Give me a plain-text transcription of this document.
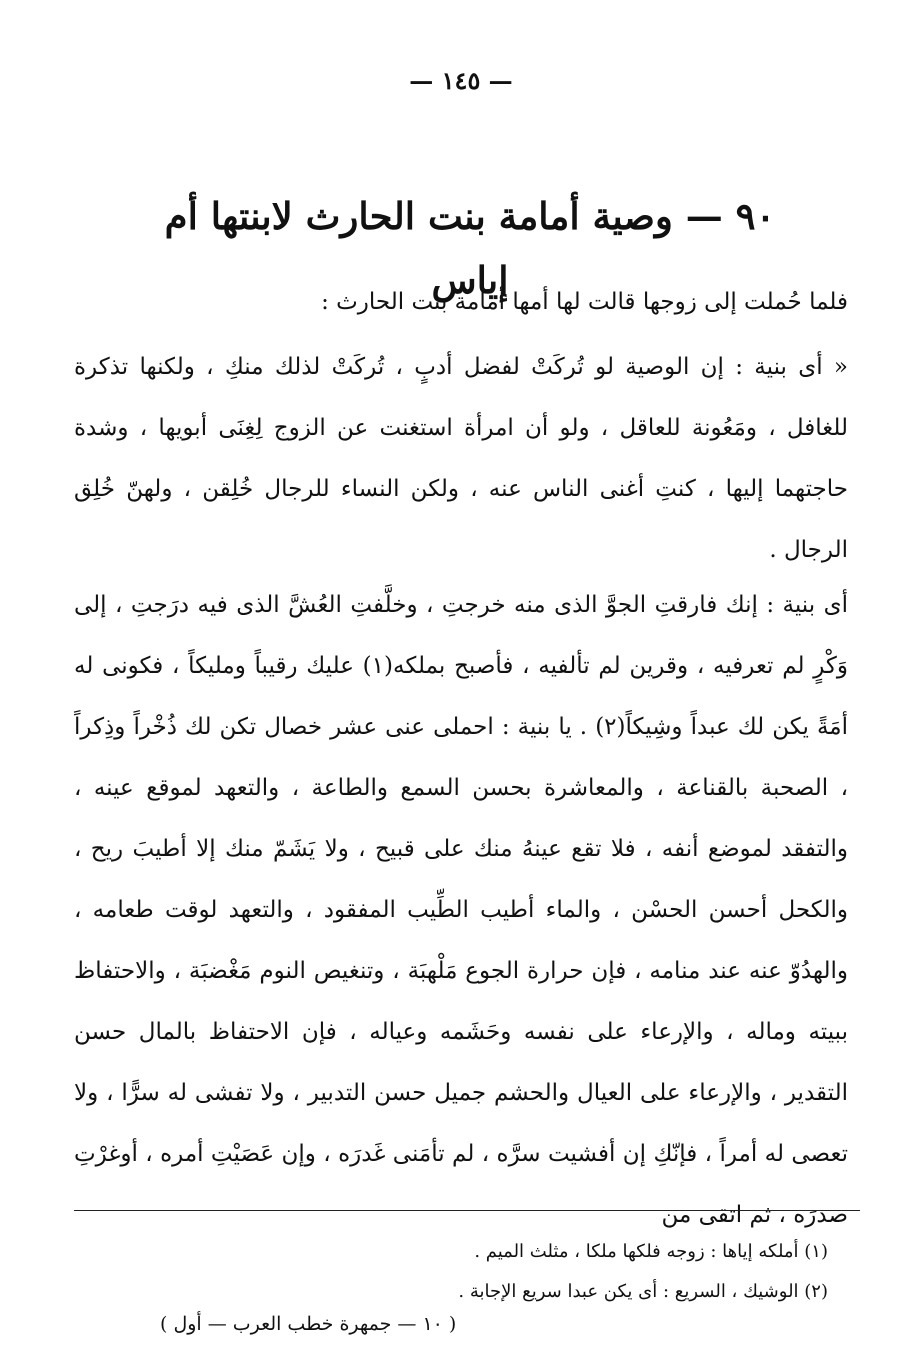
— ١٤٥ —
٩٠ — وصية أمامة بنت الحارث لابنتها أم إياس
فلما حُملت إلى زوجها قالت لها أمها أمامة بنت الحارث :
« أى بنية : إن الوصية لو تُركَتْ لفضل أدبٍ ، تُركَتْ لذلك منكِ ، ولكنها تذكرة للغافل ، ومَعُونة للعاقل ، ولو أن امرأة استغنت عن الزوج لِغِنَى أبويها ، وشدة حاجتهما إليها ، كنتِ أغنى الناس عنه ، ولكن النساء للرجال خُلِقن ، ولهنّ خُلِق الرجال .
أى بنية : إنك فارقتِ الجوَّ الذى منه خرجتِ ، وخلَّفتِ العُشَّ الذى فيه درَجتِ ، إلى وَكْرٍ لم تعرفيه ، وقرين لم تألفيه ، فأصبح بملكه(١) عليك رقيباً ومليكاً ، فكونى له أمَةً يكن لك عبداً وشِيكاً(٢) . يا بنية : احملى عنى عشر خصال تكن لك ذُخْراً وذِكراً ، الصحبة بالقناعة ، والمعاشرة بحسن السمع والطاعة ، والتعهد لموقع عينه ، والتفقد لموضع أنفه ، فلا تقع عينهُ منك على قبيح ، ولا يَشَمّ منك إلا أطيبَ ريح ، والكحل أحسن الحسْن ، والماء أطيب الطِّيب المفقود ، والتعهد لوقت طعامه ، والهدُوّ عنه عند منامه ، فإن حرارة الجوع مَلْهبَة ، وتنغيص النوم مَغْضبَة ، والاحتفاظ ببيته وماله ، والإرعاء على نفسه وحَشَمه وعياله ، فإن الاحتفاظ بالمال حسن التقدير ، والإرعاء على العيال والحشم جميل حسن التدبير ، ولا تفشى له سرًّا ، ولا تعصى له أمراً ، فإنّكِ إن أفشيت سرَّه ، لم تأمَنى غَدرَه ، وإن عَصَيْتِ أمره ، أوغرْتِ صدرَه ، ثم اتقى من
(١) أملكه إياها : زوجه فلكها ملكا ، مثلث الميم .
(٢) الوشيك ، السريع : أى يكن عبدا سريع الإجابة .
( ١٠ — جمهرة خطب العرب — أول )
